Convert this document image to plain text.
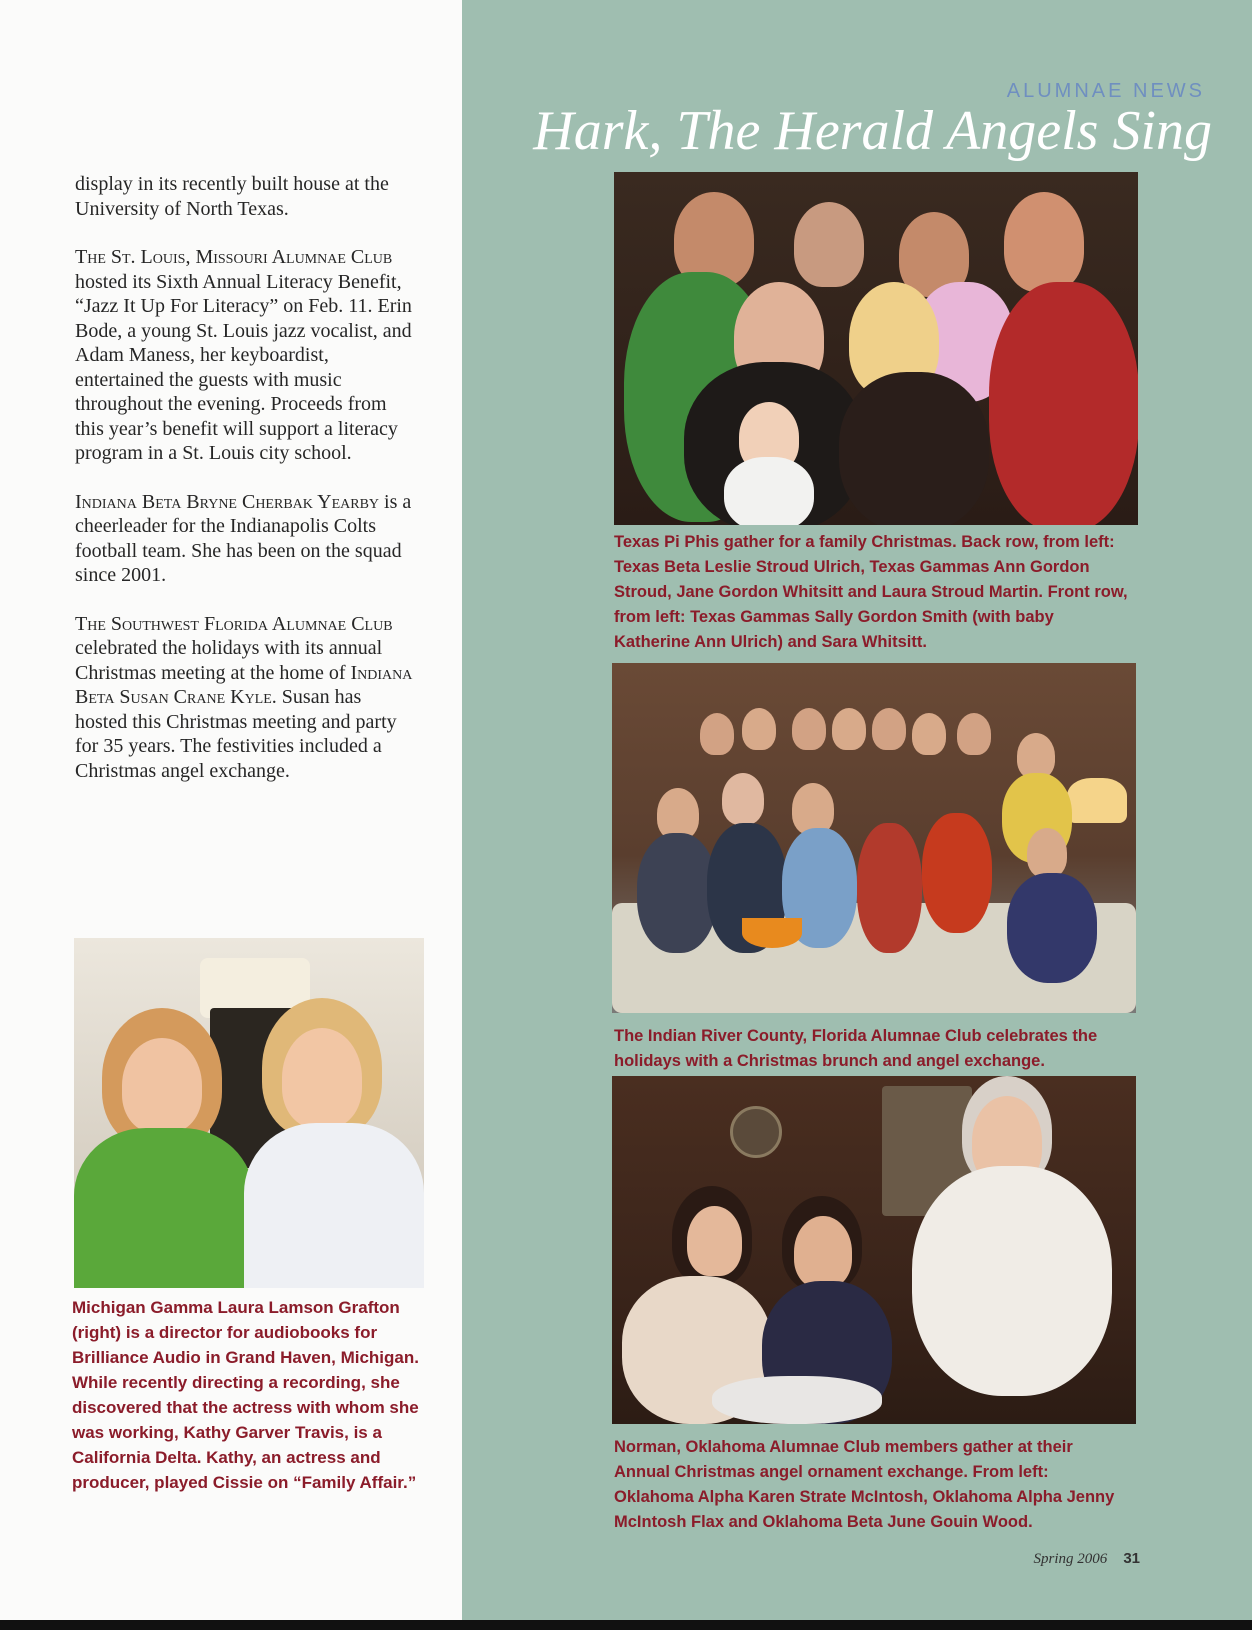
display in its recently built house at the University of North Texas.

The St. Louis, Missouri Alumnae Club hosted its Sixth Annual Literacy Benefit, “Jazz It Up For Literacy” on Feb. 11. Erin Bode, a young St. Louis jazz vocalist, and Adam Maness, her keyboardist, entertained the guests with music throughout the evening. Proceeds from this year’s benefit will support a literacy program in a St. Louis city school.

Indiana Beta Bryne Cherbak Yearby is a cheerleader for the Indianapolis Colts football team. She has been on the squad since 2001.

The Southwest Florida Alumnae Club celebrated the holidays with its annual Christmas meeting at the home of Indiana Beta Susan Crane Kyle. Susan has hosted this Christmas meeting and party for 35 years. The festivities included a Christmas angel exchange.

Michigan Gamma Laura Lamson Grafton (right) is a director for audiobooks for Brilliance Audio in Grand Haven, Michigan. While recently directing a recording, she discovered that the actress with whom she was working, Kathy Garver Travis, is a California Delta. Kathy, an actress and producer, played Cissie on “Family Affair.”
ALUMNAE NEWS
Hark, The Herald Angels Sing
Texas Pi Phis gather for a family Christmas. Back row, from left: Texas Beta Leslie Stroud Ulrich, Texas Gammas Ann Gordon Stroud, Jane Gordon Whitsitt and Laura Stroud Martin. Front row, from left: Texas Gammas Sally Gordon Smith (with baby Katherine Ann Ulrich) and Sara Whitsitt.
The Indian River County, Florida Alumnae Club celebrates the holidays with a Christmas brunch and angel exchange.
Norman, Oklahoma Alumnae Club members gather at their Annual Christmas angel ornament exchange. From left: Oklahoma Alpha Karen Strate McIntosh, Oklahoma Alpha Jenny McIntosh Flax and Oklahoma Beta June Gouin Wood.
Spring 2006 31
